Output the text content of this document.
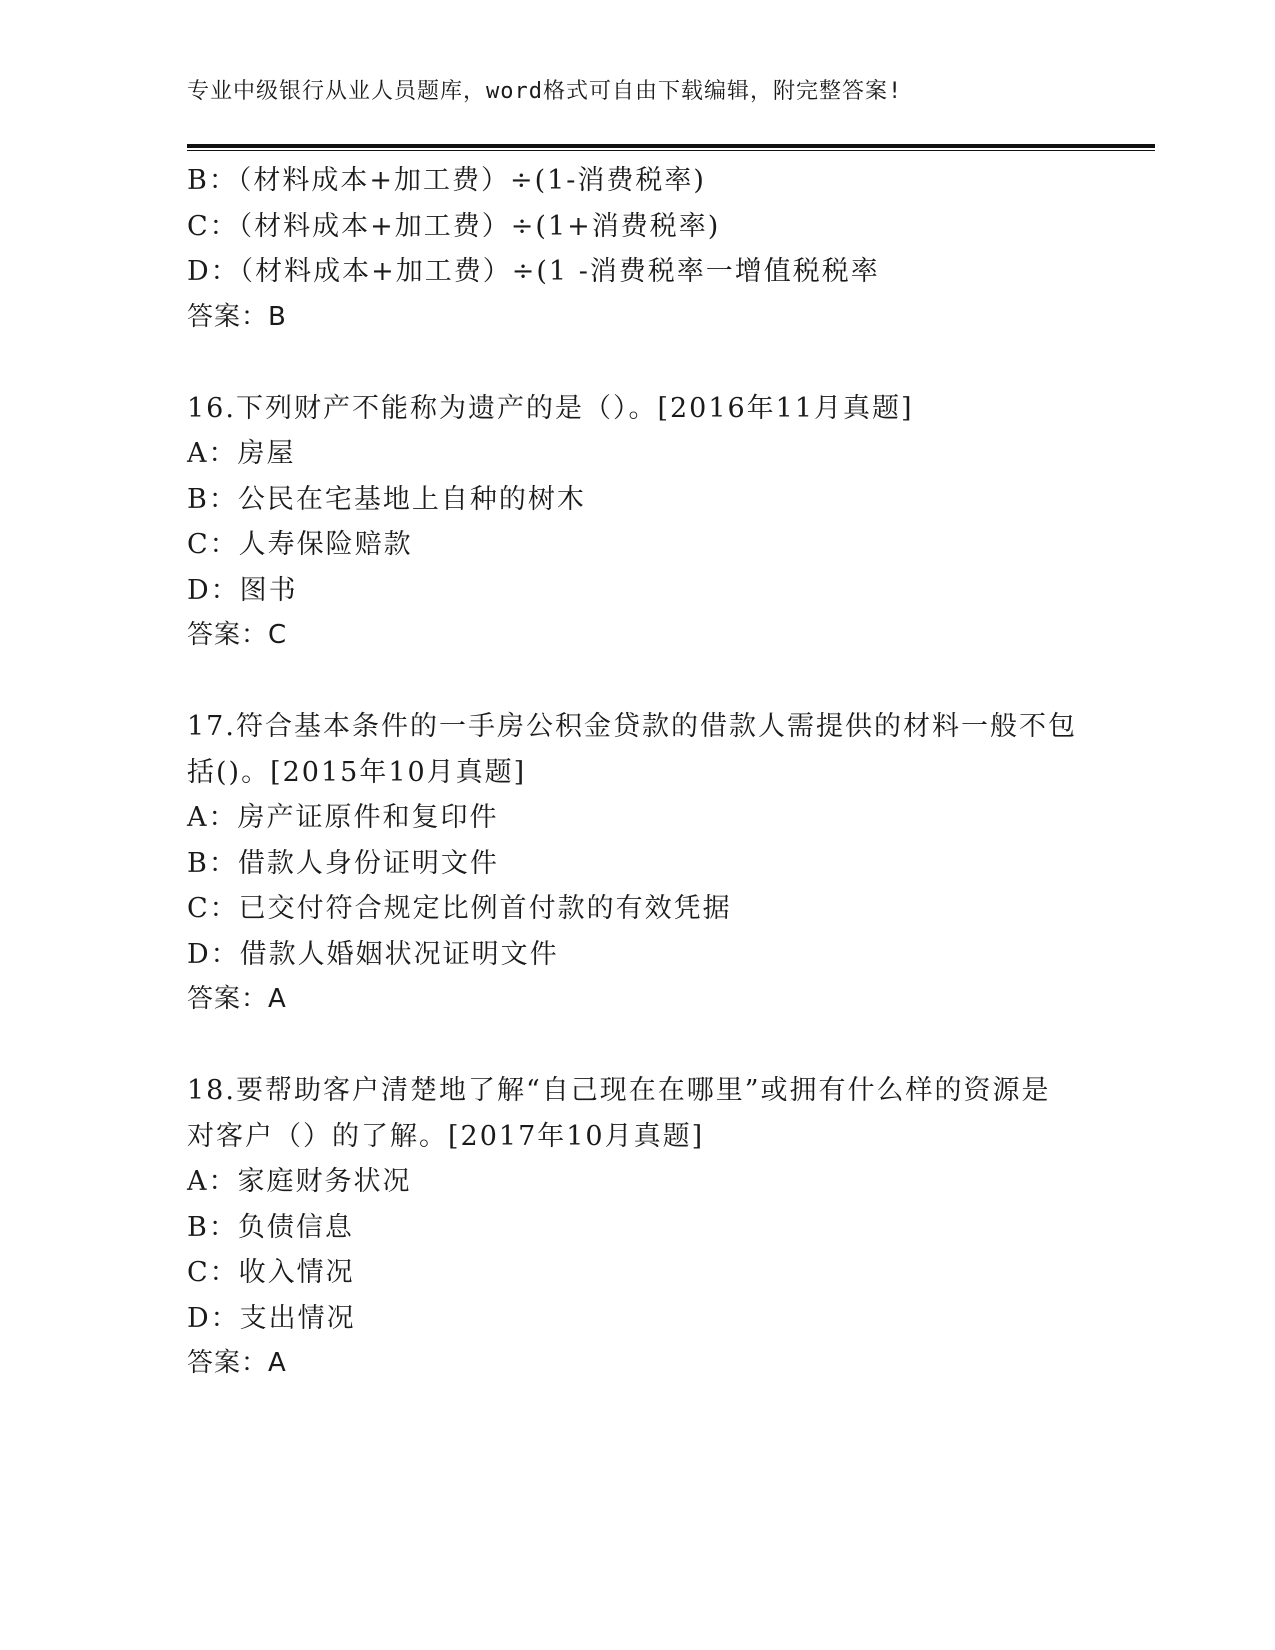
专业中级银行从业人员题库，word格式可自由下载编辑，附完整答案!
B：（材料成本+加工费）÷(1-消费税率)
C：（材料成本+加工费）÷(1+消费税率)
D：（材料成本+加工费）÷(1 -消费税率一增值税税率
答案：B
16.下列财产不能称为遗产的是（）。[2016年11月真题]
A：房屋
B：公民在宅基地上自种的树木
C：人寿保险赔款
D：图书
答案：C
17.符合基本条件的一手房公积金贷款的借款人需提供的材料一般不包
括()。[2015年10月真题]
A：房产证原件和复印件
B：借款人身份证明文件
C：已交付符合规定比例首付款的有效凭据
D：借款人婚姻状况证明文件
答案：A
18.要帮助客户清楚地了解“自己现在在哪里”或拥有什么样的资源是
对客户（）的了解。[2017年10月真题]
A：家庭财务状况
B：负债信息
C：收入情况
D：支出情况
答案：A
